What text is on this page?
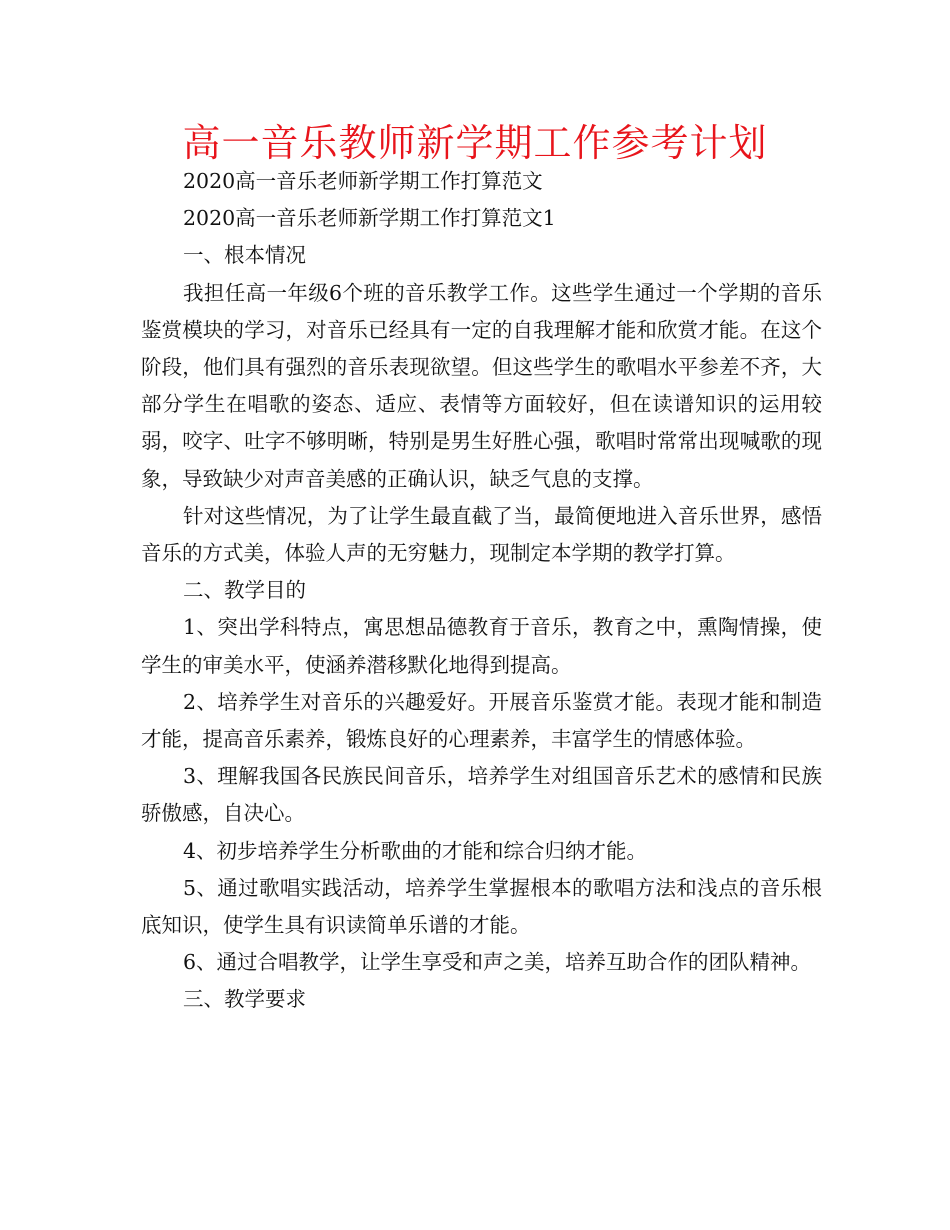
高一音乐教师新学期工作参考计划

2020高一音乐老师新学期工作打算范文

2020高一音乐老师新学期工作打算范文1

一、根本情况

我担任高一年级6个班的音乐教学工作。这些学生通过一个学期的音乐鉴赏模块的学习，对音乐已经具有一定的自我理解才能和欣赏才能。在这个阶段，他们具有强烈的音乐表现欲望。但这些学生的歌唱水平参差不齐，大部分学生在唱歌的姿态、适应、表情等方面较好，但在读谱知识的运用较弱，咬字、吐字不够明晰，特别是男生好胜心强，歌唱时常常出现喊歌的现象，导致缺少对声音美感的正确认识，缺乏气息的支撑。

针对这些情况，为了让学生最直截了当，最简便地进入音乐世界，感悟音乐的方式美，体验人声的无穷魅力，现制定本学期的教学打算。

二、教学目的

1、突出学科特点，寓思想品德教育于音乐，教育之中，熏陶情操，使学生的审美水平，使涵养潜移默化地得到提高。

2、培养学生对音乐的兴趣爱好。开展音乐鉴赏才能。表现才能和制造才能，提高音乐素养，锻炼良好的心理素养，丰富学生的情感体验。

3、理解我国各民族民间音乐，培养学生对组国音乐艺术的感情和民族骄傲感，自决心。

4、初步培养学生分析歌曲的才能和综合归纳才能。

5、通过歌唱实践活动，培养学生掌握根本的歌唱方法和浅点的音乐根底知识，使学生具有识读简单乐谱的才能。

6、通过合唱教学，让学生享受和声之美，培养互助合作的团队精神。

三、教学要求
